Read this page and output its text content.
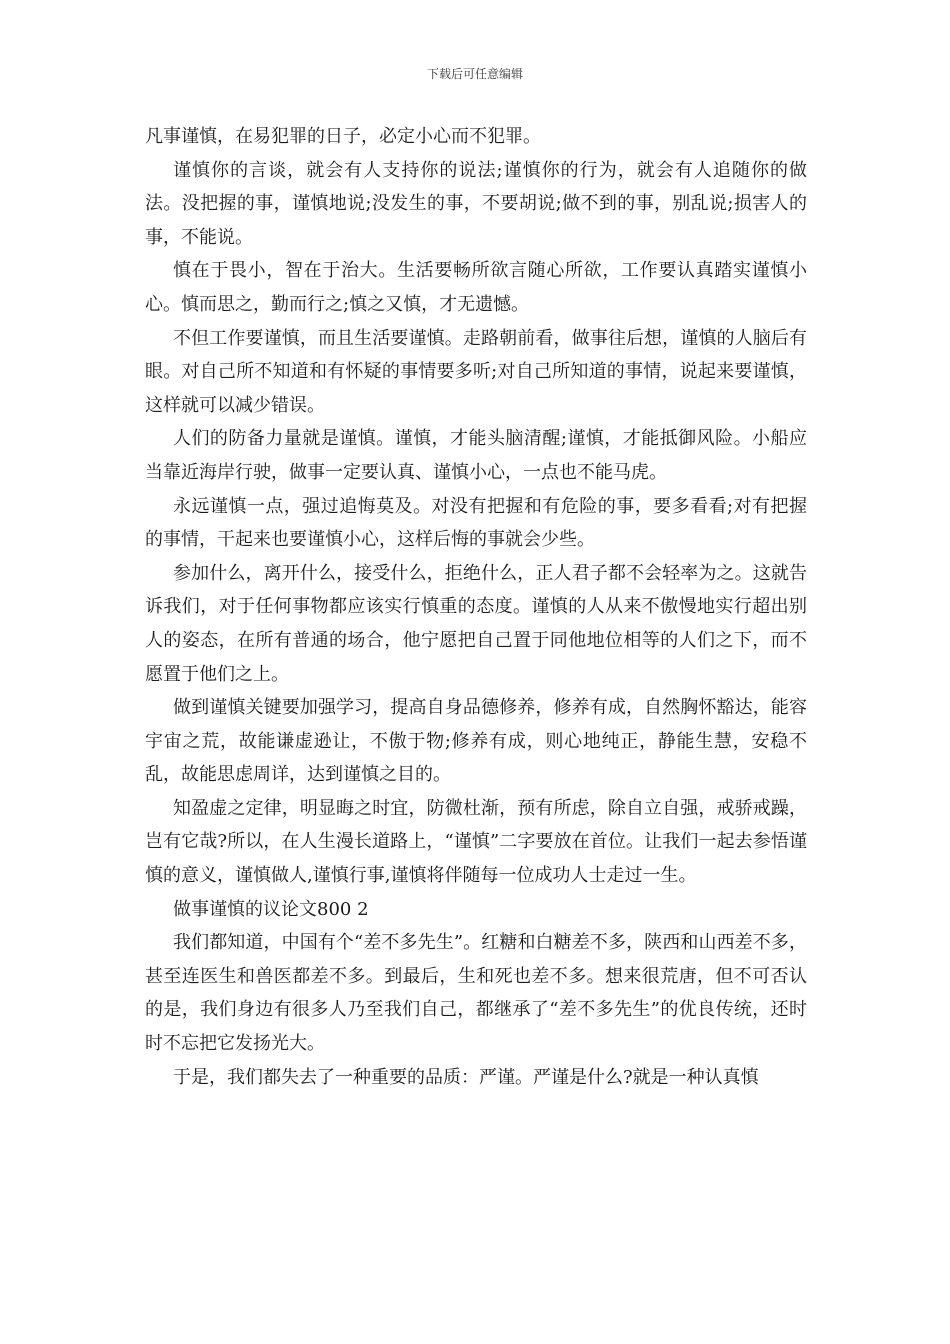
下载后可任意编辑

凡事谨慎，在易犯罪的日子，必定小心而不犯罪。

谨慎你的言谈，就会有人支持你的说法;谨慎你的行为，就会有人追随你的做法。没把握的事，谨慎地说;没发生的事，不要胡说;做不到的事，别乱说;损害人的事，不能说。

慎在于畏小，智在于治大。生活要畅所欲言随心所欲，工作要认真踏实谨慎小心。慎而思之，勤而行之;慎之又慎，才无遗憾。

不但工作要谨慎，而且生活要谨慎。走路朝前看，做事往后想，谨慎的人脑后有眼。对自己所不知道和有怀疑的事情要多听;对自己所知道的事情，说起来要谨慎，这样就可以减少错误。

人们的防备力量就是谨慎。谨慎，才能头脑清醒;谨慎，才能抵御风险。小船应当靠近海岸行驶，做事一定要认真、谨慎小心，一点也不能马虎。

永远谨慎一点，强过追悔莫及。对没有把握和有危险的事，要多看看;对有把握的事情，干起来也要谨慎小心，这样后悔的事就会少些。

参加什么，离开什么，接受什么，拒绝什么，正人君子都不会轻率为之。这就告诉我们，对于任何事物都应该实行慎重的态度。谨慎的人从来不傲慢地实行超出别人的姿态，在所有普通的场合，他宁愿把自己置于同他地位相等的人们之下，而不愿置于他们之上。

做到谨慎关键要加强学习，提高自身品德修养，修养有成，自然胸怀豁达，能容宇宙之荒，故能谦虚逊让，不傲于物;修养有成，则心地纯正，静能生慧，安稳不乱，故能思虑周详，达到谨慎之目的。

知盈虚之定律，明显晦之时宜，防微杜渐，预有所虑，除自立自强，戒骄戒躁，岂有它哉?所以，在人生漫长道路上，“谨慎”二字要放在首位。让我们一起去参悟谨慎的意义，谨慎做人,谨慎行事,谨慎将伴随每一位成功人士走过一生。

做事谨慎的议论文800 2

我们都知道，中国有个“差不多先生”。红糖和白糖差不多，陕西和山西差不多，甚至连医生和兽医都差不多。到最后，生和死也差不多。想来很荒唐，但不可否认的是，我们身边有很多人乃至我们自己，都继承了“差不多先生”的优良传统，还时时不忘把它发扬光大。

于是，我们都失去了一种重要的品质：严谨。严谨是什么?就是一种认真慎
